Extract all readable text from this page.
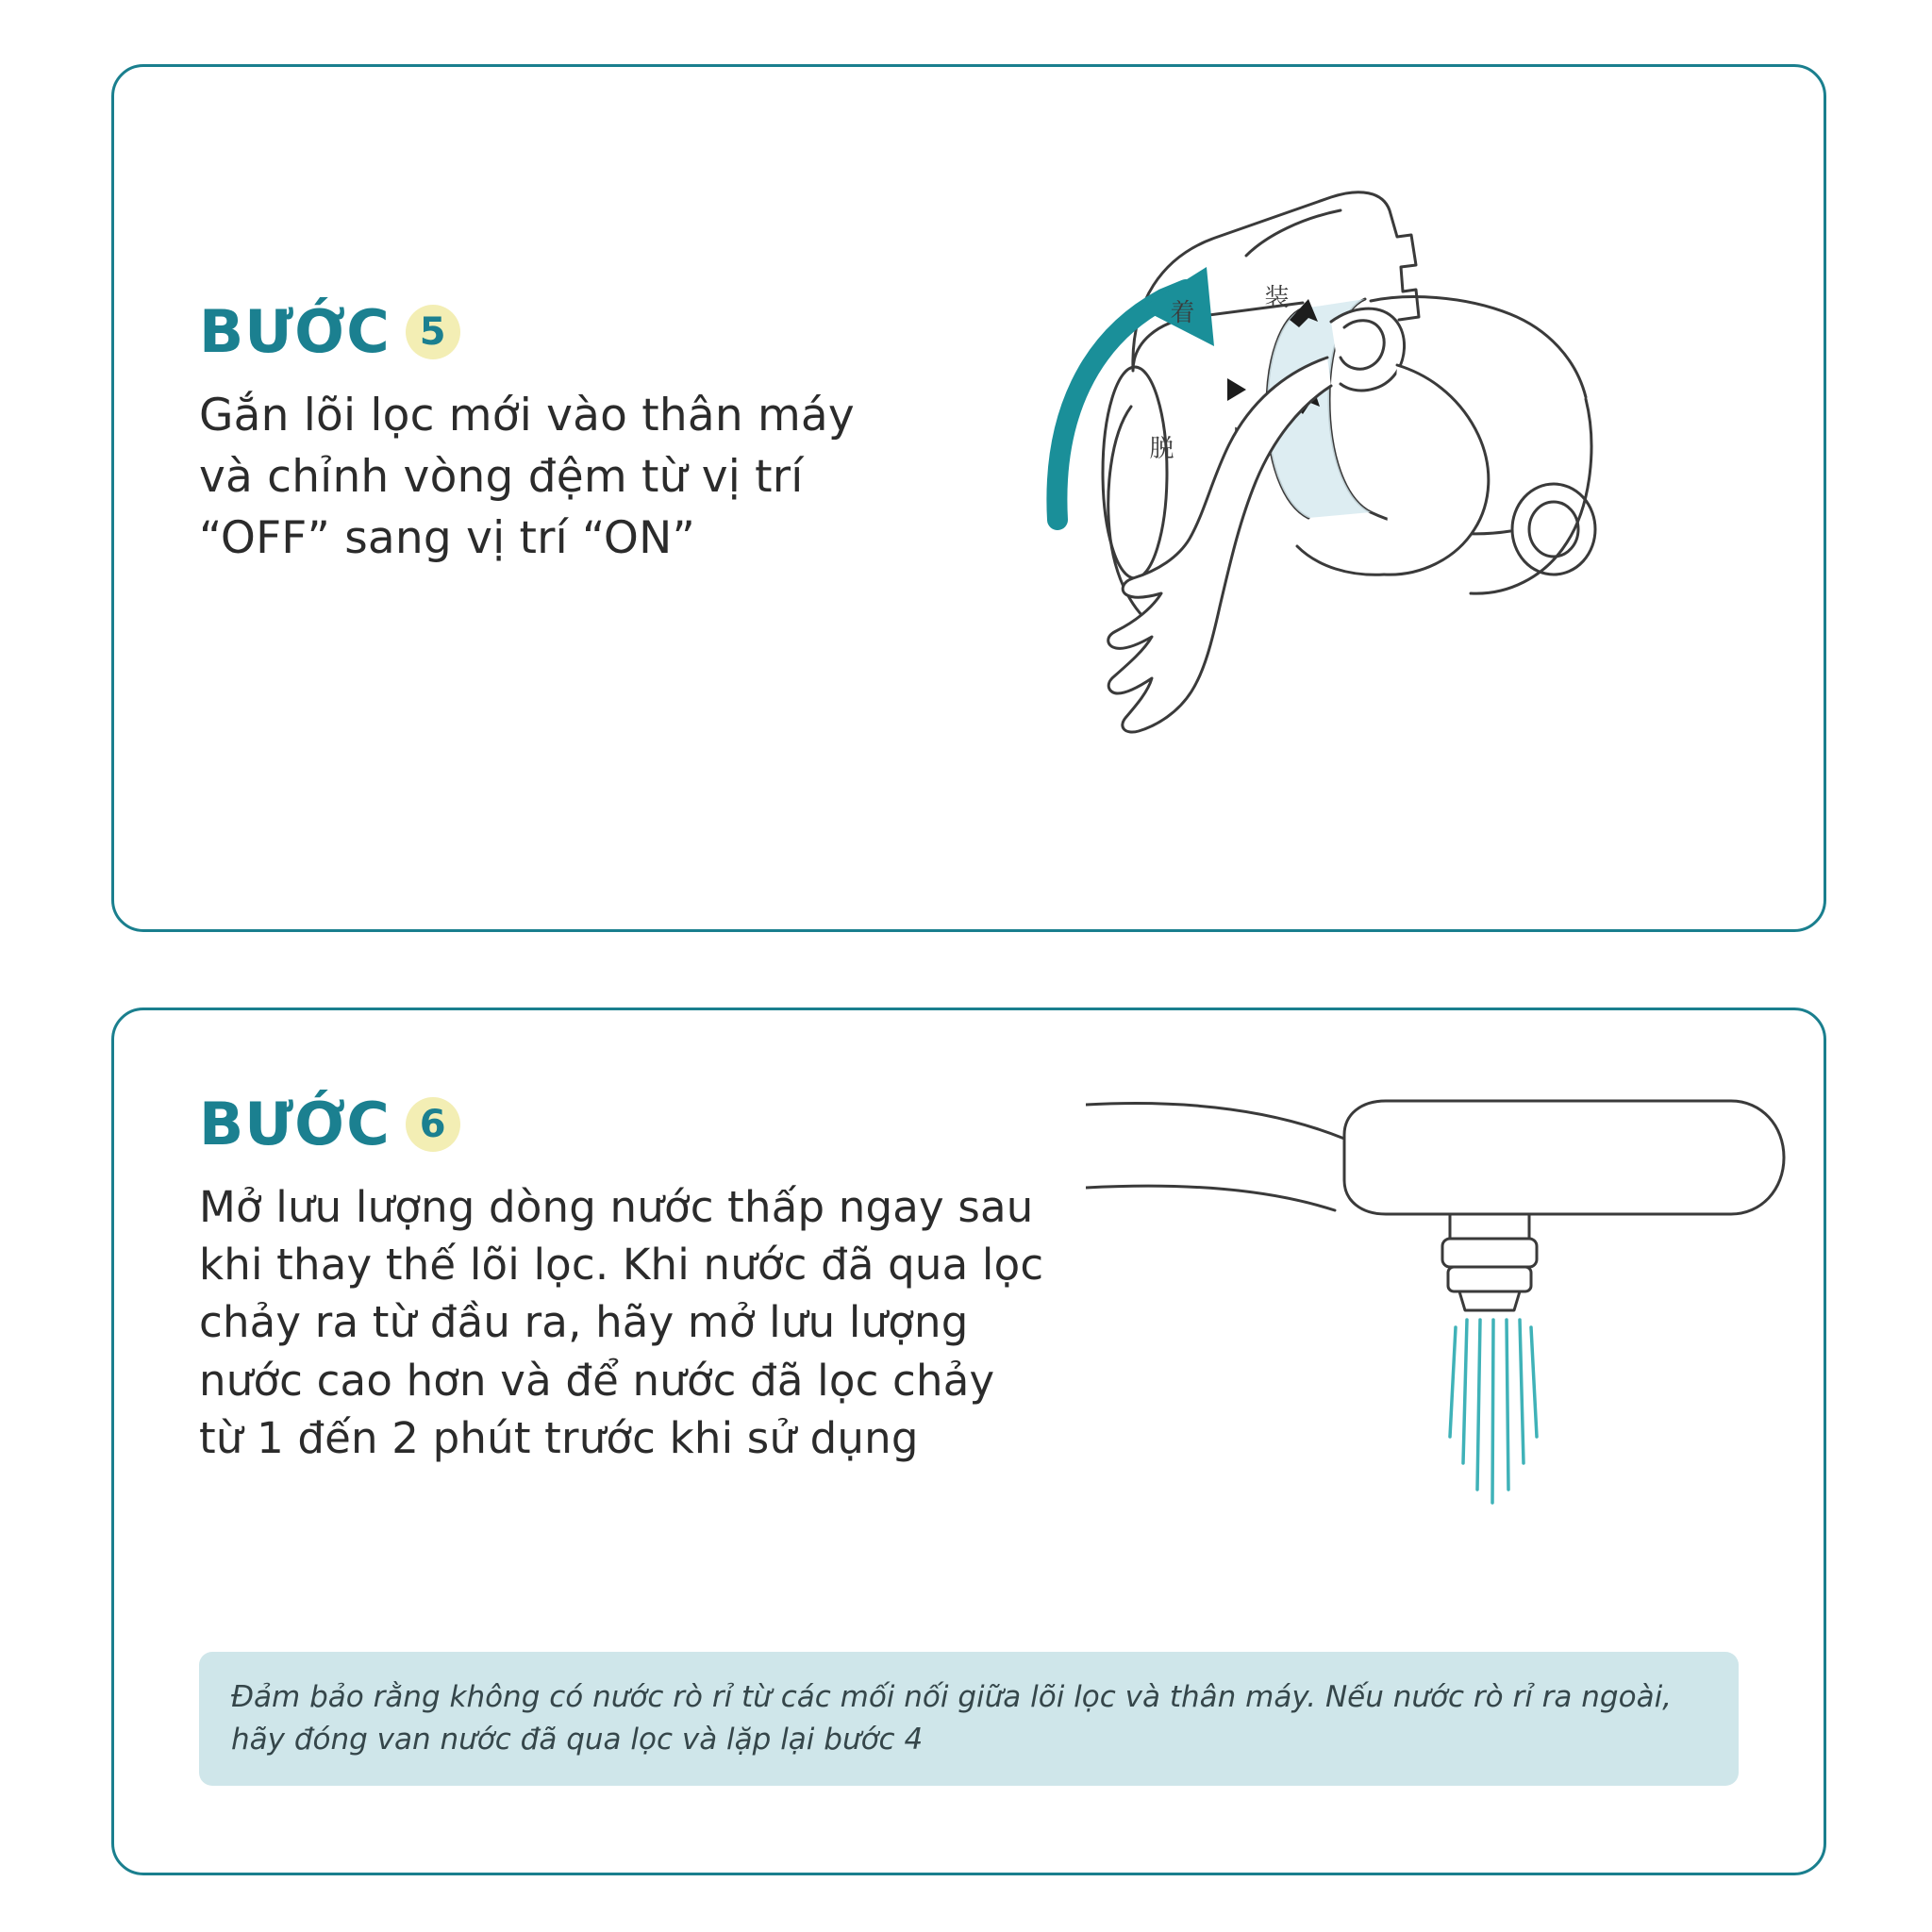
BƯỚC 5
Gắn lõi lọc mới vào thân máy và chỉnh vòng đệm từ vị trí “OFF” sang vị trí “ON”
着
装
脱
BƯỚC 6
Mở lưu lượng dòng nước thấp ngay sau khi thay thế lõi lọc. Khi nước đã qua lọc chảy ra từ đầu ra, hãy mở lưu lượng nước cao hơn và để nước đã lọc chảy từ 1 đến 2 phút trước khi sử dụng
Đảm bảo rằng không có nước rò rỉ từ các mối nối giữa lõi lọc và thân máy. Nếu nước rò rỉ ra ngoài, hãy đóng van nước đã qua lọc và lặp lại bước 4
